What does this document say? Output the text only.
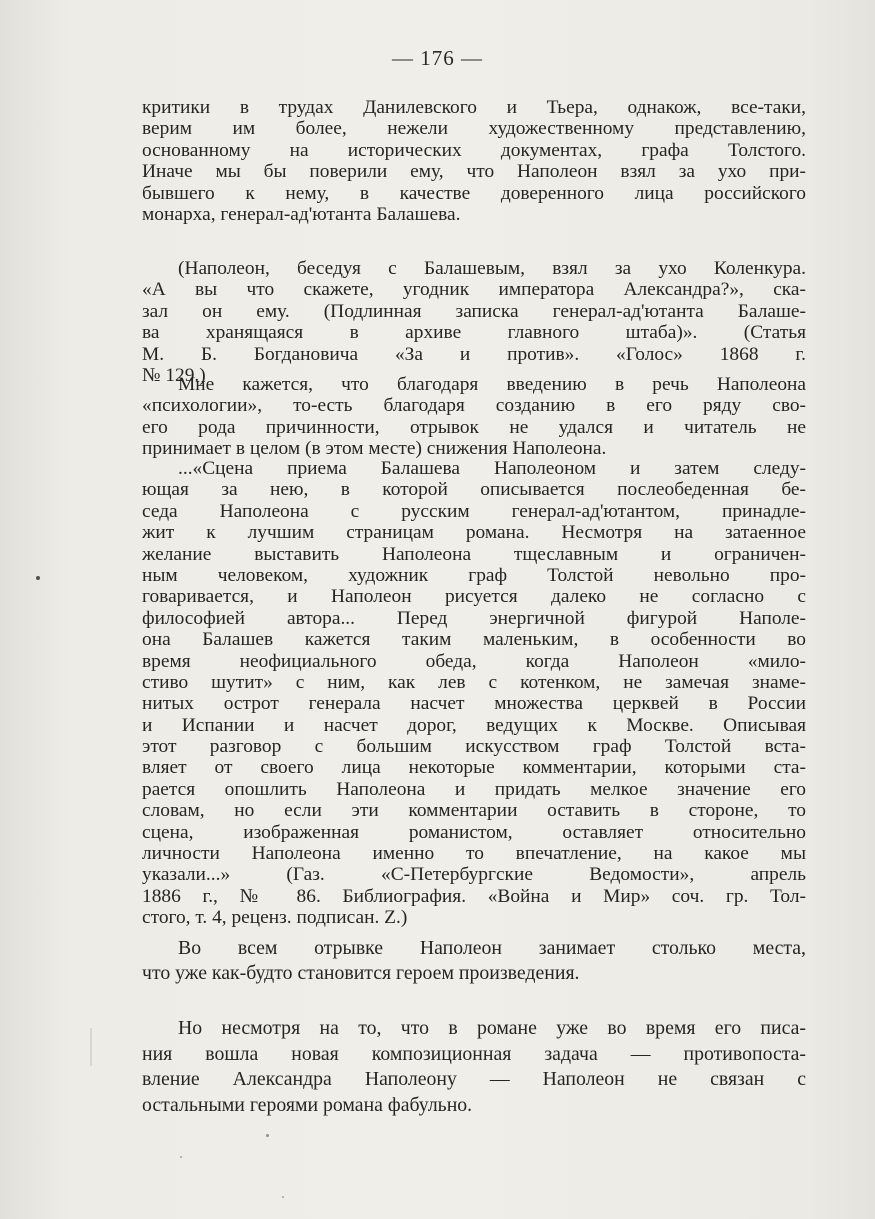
— 176 —
критики в трудах Данилевского и Тьера, однакож, все-таки,
верим им более, нежели художественному представлению,
основанному на исторических документах, графа Толстого.
Иначе мы бы поверили ему, что Наполеон взял за ухо при-
бывшего к нему, в качестве доверенного лица российского
монарха, генерал-ад'ютанта Балашева.
(Наполеон, беседуя с Балашевым, взял за ухо Коленкура.
«А вы что скажете, угодник императора Александра?», ска-
зал он ему. (Подлинная записка генерал-ад'ютанта Балаше-
ва хранящаяся в архиве главного штаба)». (Статья
М. Б. Богдановича «За и против». «Голос» 1868 г.
№ 129.)
Мне кажется, что благодаря введению в речь Наполеона
«психологии», то-есть благодаря созданию в его ряду сво-
его рода причинности, отрывок не удался и читатель не
принимает в целом (в этом месте) снижения Наполеона.
...«Сцена приема Балашева Наполеоном и затем следу-
ющая за нею, в которой описывается послеобеденная бе-
седа Наполеона с русским генерал-ад'ютантом, принадле-
жит к лучшим страницам романа. Несмотря на затаенное
желание выставить Наполеона тщеславным и ограничен-
ным человеком, художник граф Толстой невольно про-
говаривается, и Наполеон рисуется далеко не согласно с
философией автора... Перед энергичной фигурой Наполе-
она Балашев кажется таким маленьким, в особенности во
время неофициального обеда, когда Наполеон «мило-
стиво шутит» с ним, как лев с котенком, не замечая знаме-
нитых острот генерала насчет множества церквей в России
и Испании и насчет дорог, ведущих к Москве. Описывая
этот разговор с большим искусством граф Толстой вста-
вляет от своего лица некоторые комментарии, которыми ста-
рается опошлить Наполеона и придать мелкое значение его
словам, но если эти комментарии оставить в стороне, то
сцена, изображенная романистом, оставляет относительно
личности Наполеона именно то впечатление, на какое мы
указали...» (Газ. «С-Петербургские Ведомости», апрель
1886 г., № 86. Библиография. «Война и Мир» соч. гр. Тол-
стого, т. 4, реценз. подписан. Z.)
Во всем отрывке Наполеон занимает столько места,
что уже как-будто становится героем произведения.
Но несмотря на то, что в романе уже во время его писа-
ния вошла новая композиционная задача — противопоста-
вление Александра Наполеону — Наполеон не связан с
остальными героями романа фабульно.
